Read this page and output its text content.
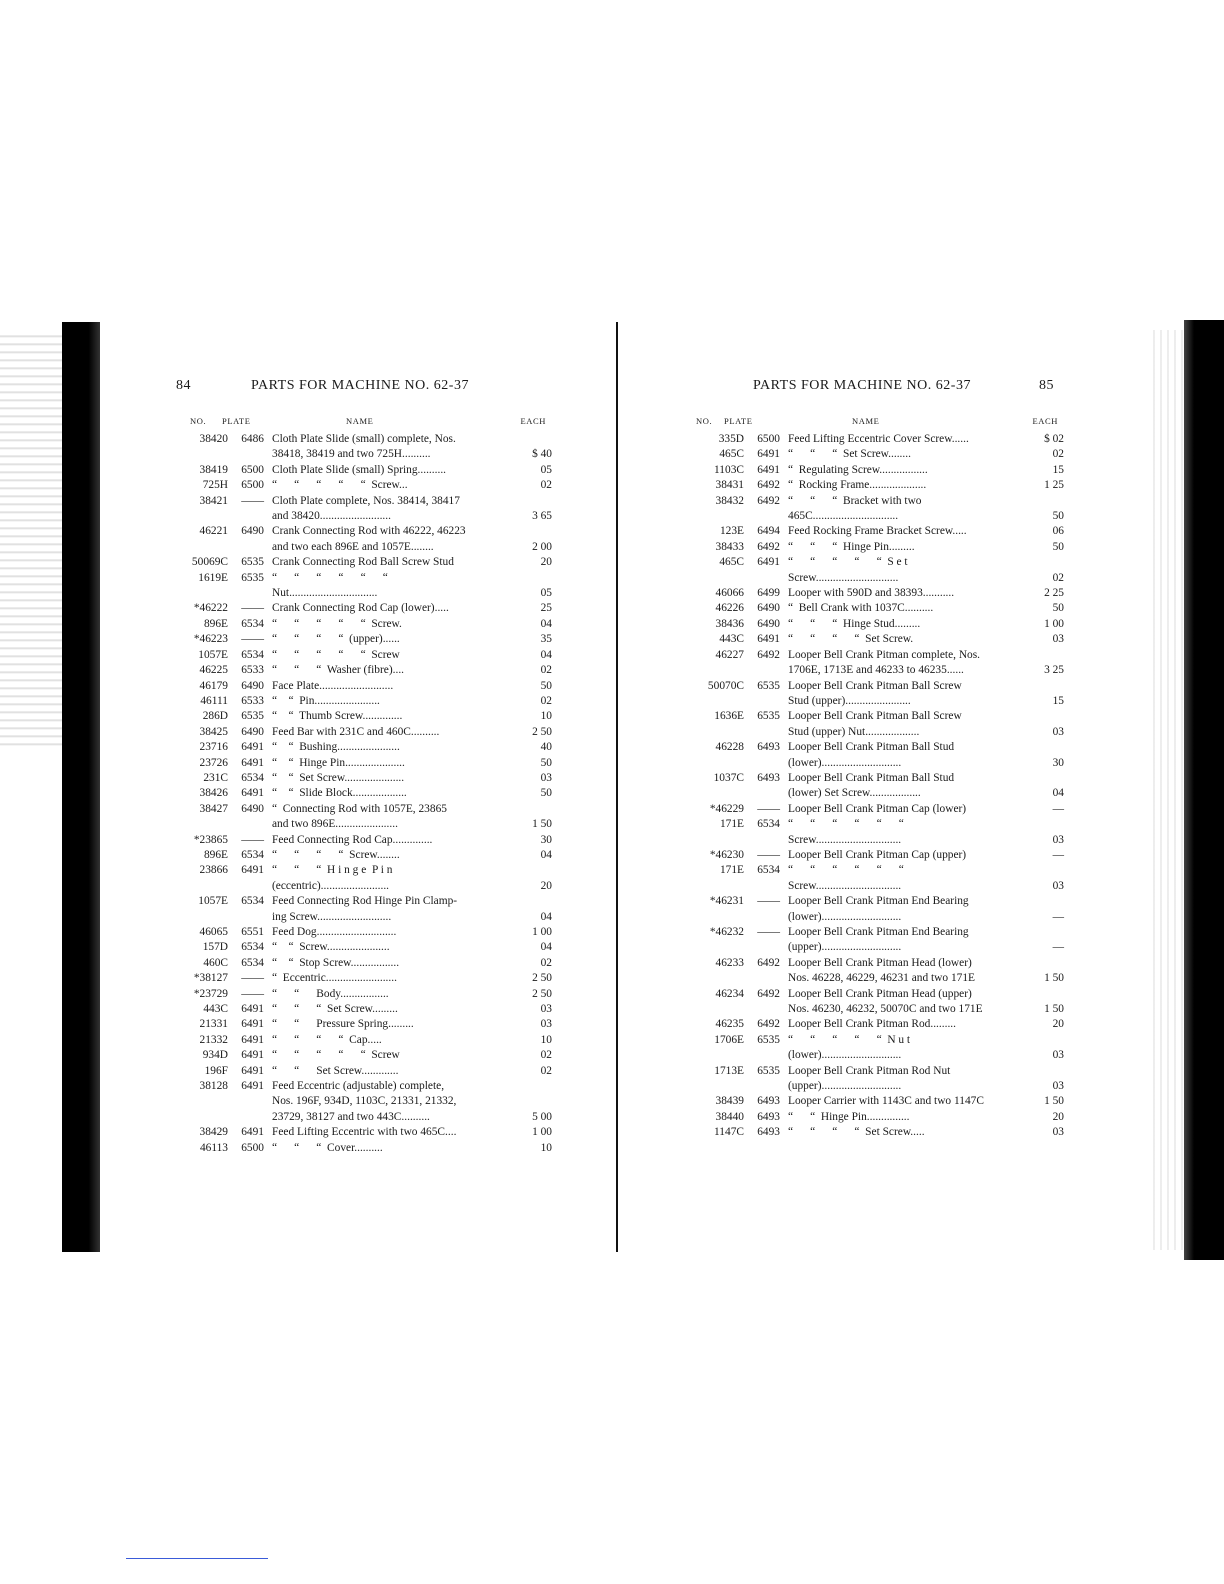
84	PARTS FOR MACHINE NO. 62-37
NO. PLATE	NAME	EACH
38420	6486 Cloth Plate Slide (small) complete, Nos.
38418, 38419 and two 725H..........	$ 40
38419	6500 Cloth Plate Slide (small) Spring..........	05
725H	6500 “      “      “      “      “  Screw...	02
38421	—— Cloth Plate complete, Nos. 38414, 38417
and 38420.........................	3 65
46221	6490 Crank Connecting Rod with 46222, 46223
and two each 896E and 1057E........	2 00
50069C	6535 Crank Connecting Rod Ball Screw Stud	20
1619E	6535 “      “      “      “      “      “
Nut...............................	05
*46222	—— Crank Connecting Rod Cap (lower).....	25
896E	6534 “      “      “      “      “  Screw.	04
*46223	—— “      “      “      “  (upper)......	35
1057E	6534 “      “      “      “      “  Screw	04
46225	6533 “      “      “  Washer (fibre)....	02
46179	6490 Face Plate..........................	50
46111	6533 “    “  Pin.......................	02
286D	6535 “    “  Thumb Screw..............	10
38425	6490 Feed Bar with 231C and 460C..........	2 50
23716	6491 “    “  Bushing......................	40
23726	6491 “    “  Hinge Pin.....................	50
231C	6534 “    “  Set Screw.....................	03
38426	6491 “    “  Slide Block...................	50
38427	6490 “  Connecting Rod with 1057E, 23865
and two 896E......................	1 50
*23865	—— Feed Connecting Rod Cap..............	30
896E	6534 “      “      “      “  Screw........	04
23866	6491 “      “      “  H i n g e  P i n
(eccentric)........................	20
1057E	6534 Feed Connecting Rod Hinge Pin Clamp-
ing Screw..........................	04
46065	6551 Feed Dog............................	1 00
157D	6534 “    “  Screw......................	04
460C	6534 “    “  Stop Screw.................	02
*38127	—— “  Eccentric.........................	2 50
*23729	—— “      “      Body.................	2 50
443C	6491 “      “      “  Set Screw.........	03
21331	6491 “      “      Pressure Spring.........	03
21332	6491 “      “      “      “  Cap.....	10
934D	6491 “      “      “      “      “  Screw	02
196F	6491 “      “      Set Screw.............	02
38128	6491 Feed Eccentric (adjustable) complete,
Nos. 196F, 934D, 1103C, 21331, 21332,
23729, 38127 and two 443C..........	5 00
38429	6491 Feed Lifting Eccentric with two 465C....	1 00
46113	6500 “      “      “  Cover..........	10
PARTS FOR MACHINE NO. 62-37	85
NO. PLATE	NAME	EACH
335D	6500 Feed Lifting Eccentric Cover Screw......	$ 02
465C	6491 “      “      “  Set Screw........	02
1103C	6491 “  Regulating Screw.................	15
38431	6492 “  Rocking Frame....................	1 25
38432	6492 “      “      “  Bracket with two
465C..............................	50
123E	6494 Feed Rocking Frame Bracket Screw.....	06
38433	6492 “      “      “  Hinge Pin.........	50
465C	6491 “      “      “      “      “  S e t
Screw.............................	02
46066	6499 Looper with 590D and 38393...........	2 25
46226	6490 “  Bell Crank with 1037C..........	50
38436	6490 “      “      “  Hinge Stud.........	1 00
443C	6491 “      “      “      “  Set Screw.	03
46227	6492 Looper Bell Crank Pitman complete, Nos.
1706E, 1713E and 46233 to 46235......	3 25
50070C	6535 Looper Bell Crank Pitman Ball Screw
Stud (upper).......................	15
1636E	6535 Looper Bell Crank Pitman Ball Screw
Stud (upper) Nut...................	03
46228	6493 Looper Bell Crank Pitman Ball Stud
(lower)............................	30
1037C	6493 Looper Bell Crank Pitman Ball Stud
(lower) Set Screw..................	04
*46229	—— Looper Bell Crank Pitman Cap (lower)	—
171E	6534 “      “      “      “      “      “
Screw..............................	03
*46230	—— Looper Bell Crank Pitman Cap (upper)	—
171E	6534 “      “      “      “      “      “
Screw..............................	03
*46231	—— Looper Bell Crank Pitman End Bearing
(lower)............................	—
*46232	—— Looper Bell Crank Pitman End Bearing
(upper)............................	—
46233	6492 Looper Bell Crank Pitman Head (lower)
Nos. 46228, 46229, 46231 and two 171E	1 50
46234	6492 Looper Bell Crank Pitman Head (upper)
Nos. 46230, 46232, 50070C and two 171E	1 50
46235	6492 Looper Bell Crank Pitman Rod.........	20
1706E	6535 “      “      “      “      “  N u t
(lower)............................	03
1713E	6535 Looper Bell Crank Pitman Rod Nut
(upper)............................	03
38439	6493 Looper Carrier with 1143C and two 1147C	1 50
38440	6493 “      “  Hinge Pin...............	20
1147C	6493 “      “      “      “  Set Screw.....	03
